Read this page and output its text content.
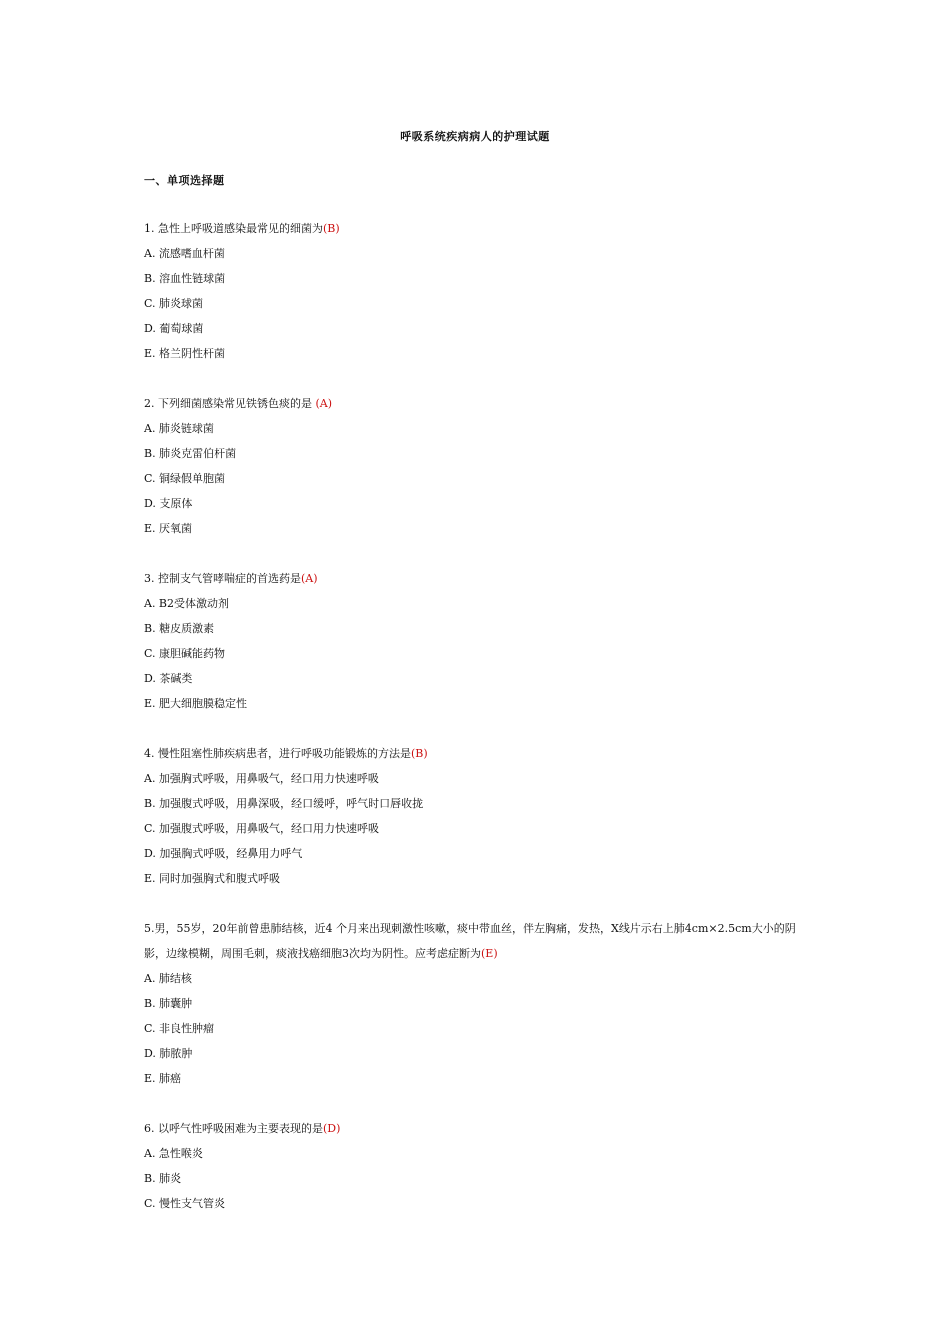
呼吸系统疾病病人的护理试题
一、单项选择题

1. 急性上呼吸道感染最常见的细菌为(B)

A. 流感嗜血杆菌

B. 溶血性链球菌

C. 肺炎球菌

D. 葡萄球菌

E. 格兰阴性杆菌

2. 下列细菌感染常见铁锈色痰的是 (A)

A. 肺炎链球菌

B. 肺炎克雷伯杆菌

C. 铜绿假单胞菌

D. 支原体

E. 厌氧菌

3. 控制支气管哮喘症的首选药是(A)

A. B2受体激动剂

B. 糖皮质激素

C. 康胆碱能药物

D. 茶碱类

E. 肥大细胞膜稳定性

4. 慢性阻塞性肺疾病患者，进行呼吸功能锻炼的方法是(B)

A. 加强胸式呼吸，用鼻吸气，经口用力快速呼吸

B. 加强腹式呼吸，用鼻深吸，经口缓呼，呼气时口唇收拢

C. 加强腹式呼吸，用鼻吸气，经口用力快速呼吸

D. 加强胸式呼吸，经鼻用力呼气

E. 同时加强胸式和腹式呼吸

5.男，55岁，20年前曾患肺结核，近4 个月来出现刺激性咳嗽，痰中带血丝，伴左胸痛，发热，X线片示右上肺4cm×2.5cm大小的阴影，边缘模糊，周围毛刺，痰液找癌细胞3次均为阴性。应考虑症断为(E)

A. 肺结核

B. 肺囊肿

C. 非良性肿瘤

D. 肺脓肿

E. 肺癌

6. 以呼气性呼吸困难为主要表现的是(D)

A. 急性喉炎

B. 肺炎

C. 慢性支气管炎
